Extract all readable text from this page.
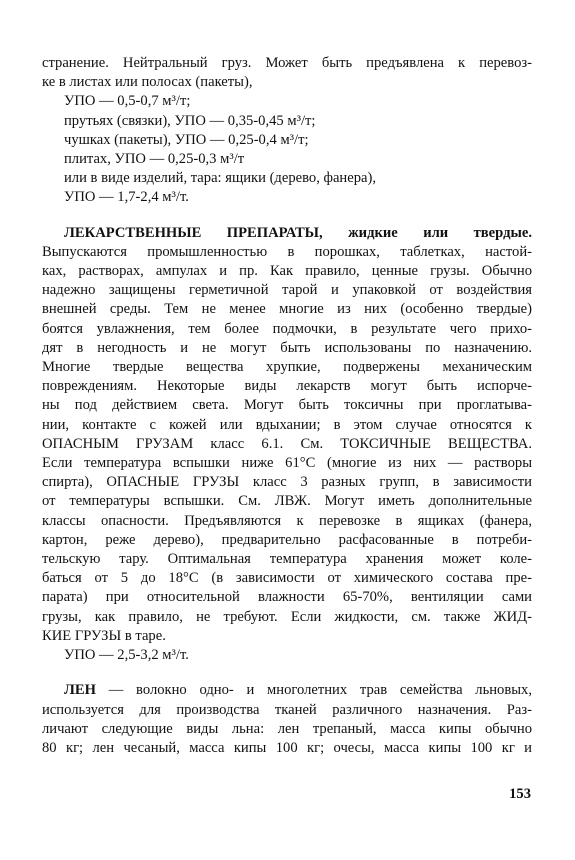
странение. Нейтральный груз. Может быть предъявлена к перевоз-
ке в листах или полосах (пакеты),
УПО — 0,5-0,7 м³/т;
прутьях (связки), УПО — 0,35-0,45 м³/т;
чушках (пакеты), УПО — 0,25-0,4 м³/т;
плитах, УПО — 0,25-0,3 м³/т
или в виде изделий, тара: ящики (дерево, фанера),
УПО — 1,7-2,4 м³/т.
ЛЕКАРСТВЕННЫЕ ПРЕПАРАТЫ, жидкие или твердые.
Выпускаются промышленностью в порошках, таблетках, настой-
ках, растворах, ампулах и пр. Как правило, ценные грузы. Обычно
надежно защищены герметичной тарой и упаковкой от воздействия
внешней среды. Тем не менее многие из них (особенно твердые)
боятся увлажнения, тем более подмочки, в результате чего прихо-
дят в негодность и не могут быть использованы по назначению.
Многие твердые вещества хрупкие, подвержены механическим
повреждениям. Некоторые виды лекарств могут быть испорче-
ны под действием света. Могут быть токсичны при проглатыва-
нии, контакте с кожей или вдыхании; в этом случае относятся к
ОПАСНЫМ ГРУЗАМ класс 6.1. См. ТОКСИЧНЫЕ ВЕЩЕСТВА.
Если температура вспышки ниже 61°С (многие из них — растворы
спирта), ОПАСНЫЕ ГРУЗЫ класс 3 разных групп, в зависимости
от температуры вспышки. См. ЛВЖ. Могут иметь дополнительные
классы опасности. Предъявляются к перевозке в ящиках (фанера,
картон, реже дерево), предварительно расфасованные в потреби-
тельскую тару. Оптимальная температура хранения может коле-
баться от 5 до 18°С (в зависимости от химического состава пре-
парата) при относительной влажности 65-70%, вентиляции сами
грузы, как правило, не требуют. Если жидкости, см. также ЖИД-
КИЕ ГРУЗЫ в таре.
УПО — 2,5-3,2 м³/т.
ЛЕН — волокно одно- и многолетних трав семейства льновых,
используется для производства тканей различного назначения. Раз-
личают следующие виды льна: лен трепаный, масса кипы обычно
80 кг; лен чесаный, масса кипы 100 кг; очесы, масса кипы 100 кг и
153
